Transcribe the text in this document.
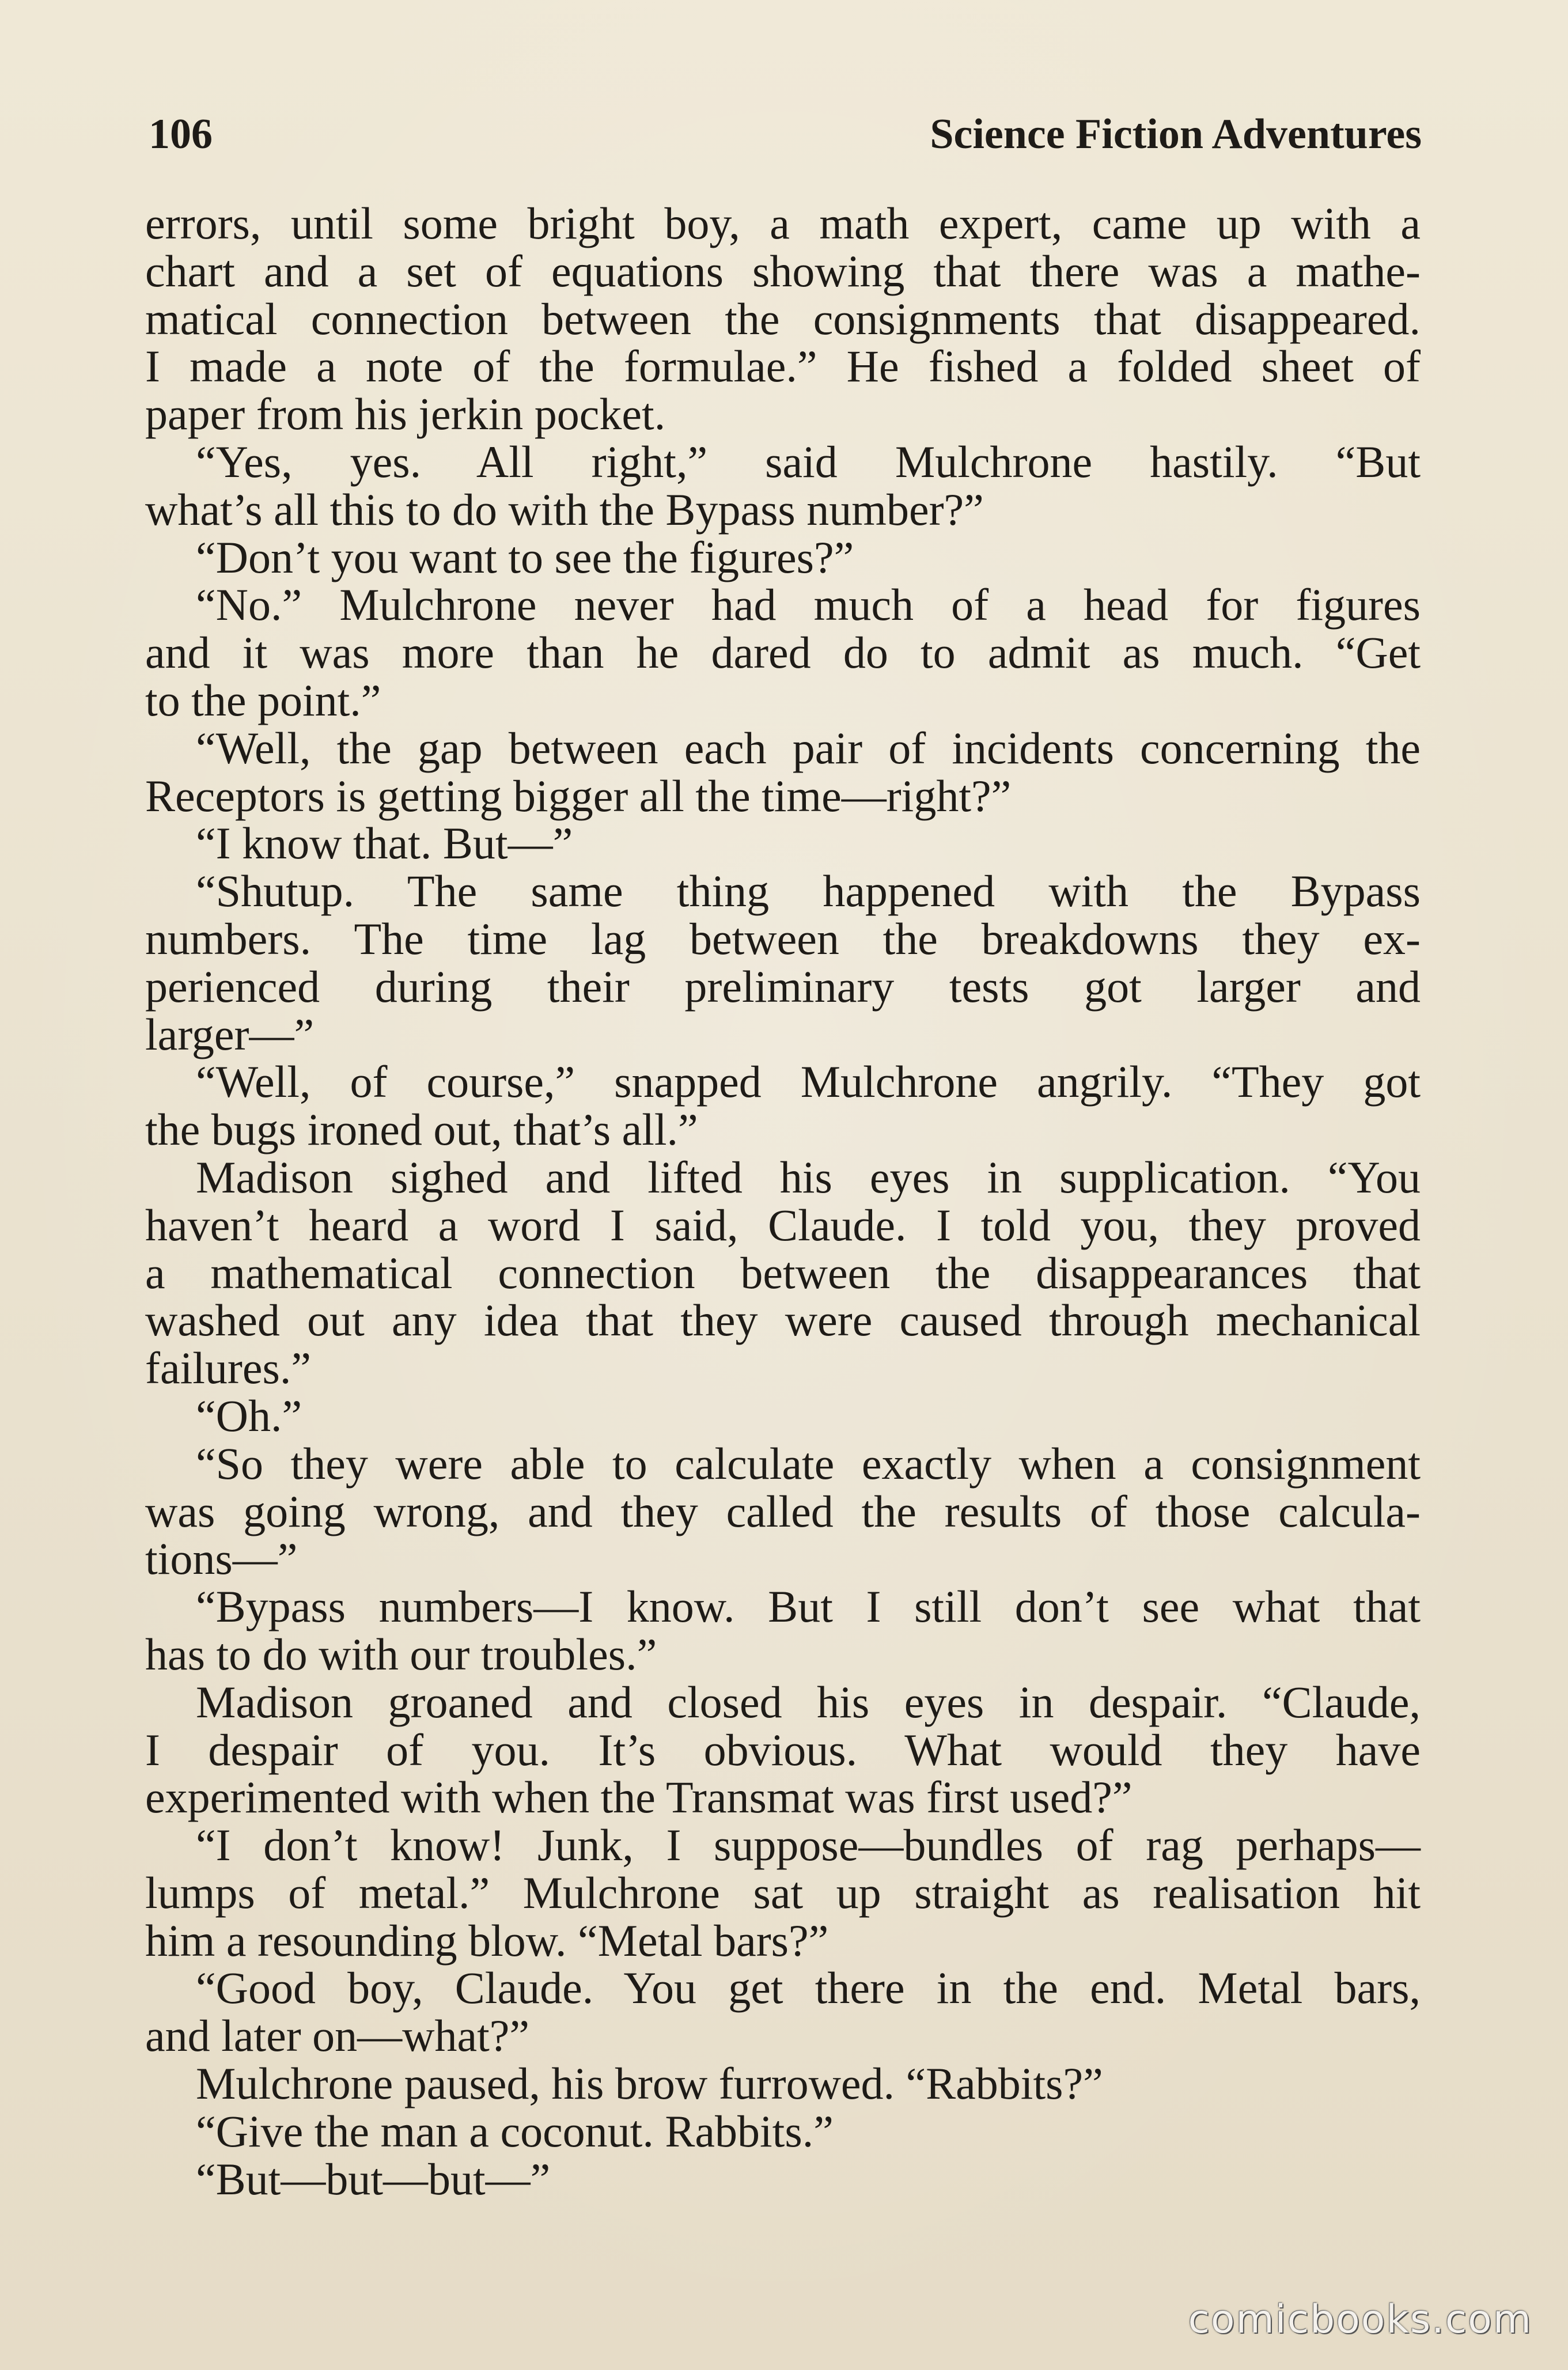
106	Science Fiction Adventures
errors, until some bright boy, a math expert, came up with a
chart and a set of equations showing that there was a mathe-
matical connection between the consignments that disappeared.
I made a note of the formulae.” He fished a folded sheet of
paper from his jerkin pocket.
“Yes, yes. All right,” said Mulchrone hastily. “But
what’s all this to do with the Bypass number?”
“Don’t you want to see the figures?”
“No.” Mulchrone never had much of a head for figures
and it was more than he dared do to admit as much. “Get
to the point.”
“Well, the gap between each pair of incidents concerning the
Receptors is getting bigger all the time—right?”
“I know that. But—”
“Shutup. The same thing happened with the Bypass
numbers. The time lag between the breakdowns they ex-
perienced during their preliminary tests got larger and
larger—”
“Well, of course,” snapped Mulchrone angrily. “They got
the bugs ironed out, that’s all.”
Madison sighed and lifted his eyes in supplication. “You
haven’t heard a word I said, Claude. I told you, they proved
a mathematical connection between the disappearances that
washed out any idea that they were caused through mechanical
failures.”
“Oh.”
“So they were able to calculate exactly when a consignment
was going wrong, and they called the results of those calcula-
tions—”
“Bypass numbers—I know. But I still don’t see what that
has to do with our troubles.”
Madison groaned and closed his eyes in despair. “Claude,
I despair of you. It’s obvious. What would they have
experimented with when the Transmat was first used?”
“I don’t know! Junk, I suppose—bundles of rag perhaps—
lumps of metal.” Mulchrone sat up straight as realisation hit
him a resounding blow. “Metal bars?”
“Good boy, Claude. You get there in the end. Metal bars,
and later on—what?”
Mulchrone paused, his brow furrowed. “Rabbits?”
“Give the man a coconut. Rabbits.”
“But—but—but—”
comicbooks.com
